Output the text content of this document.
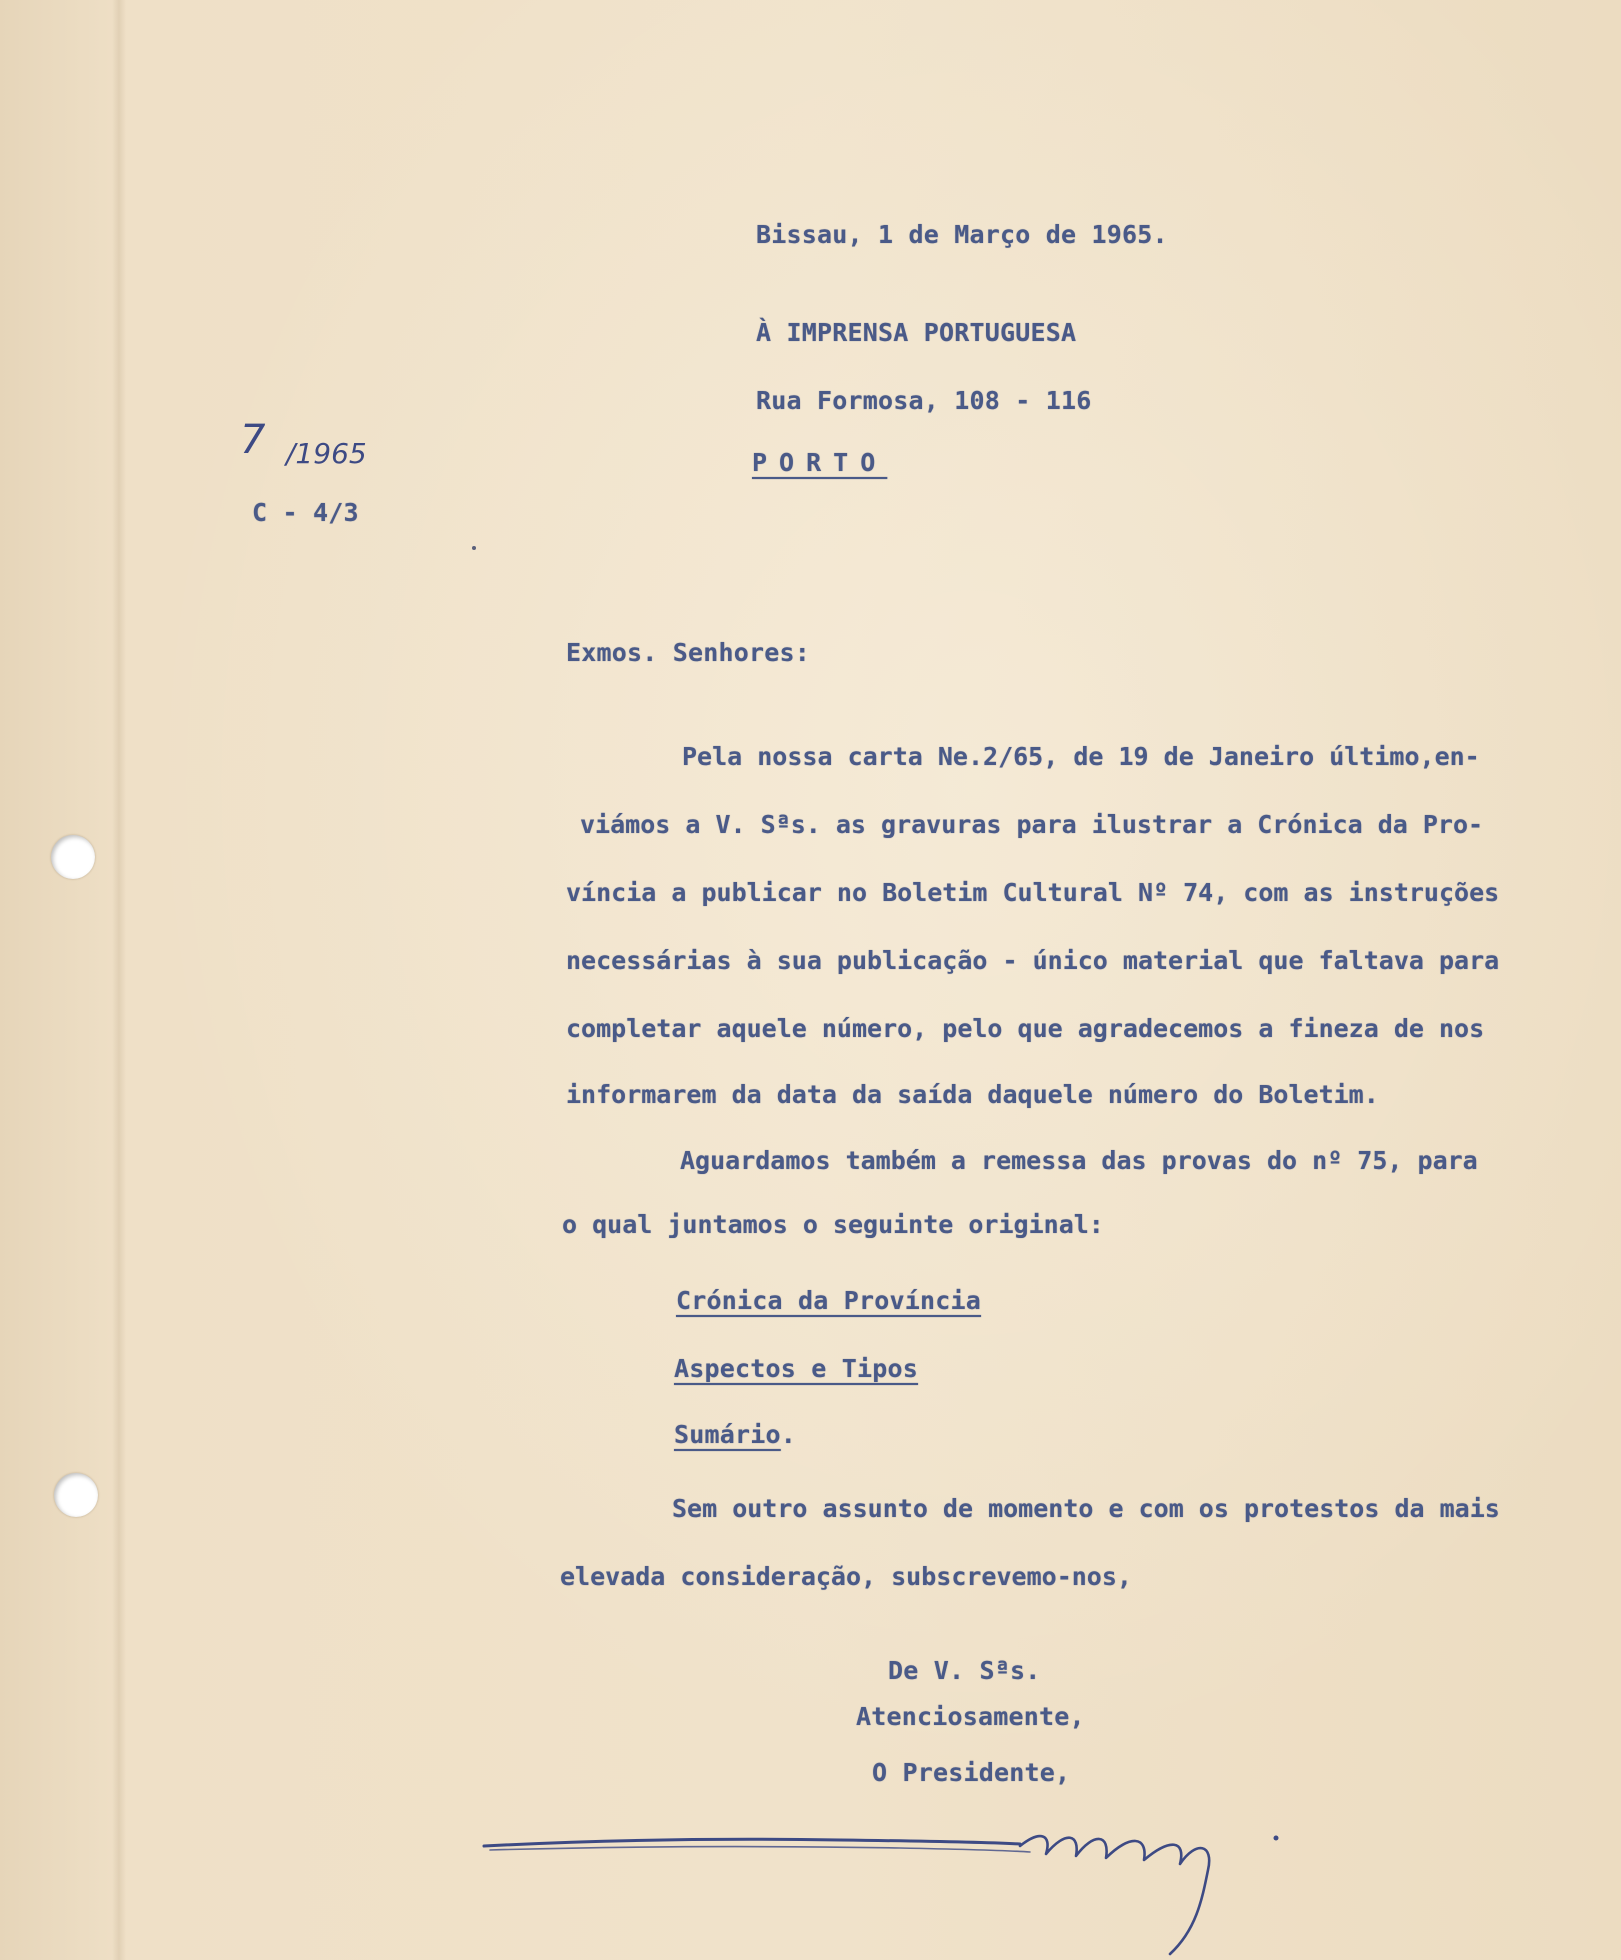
Bissau, 1 de Março de 1965.
À IMPRENSA PORTUGUESA
Rua Formosa, 108 - 116
PORTO
7 /1965
C - 4/3
Exmos. Senhores:
Pela nossa carta Ne.2/65, de 19 de Janeiro último,en-
viámos a V. Sªs. as gravuras para ilustrar a Crónica da Pro-
víncia a publicar no Boletim Cultural Nº 74, com as instruções
necessárias à sua publicação - único material que faltava para
completar aquele número, pelo que agradecemos a fineza de nos
informarem da data da saída daquele número do Boletim.
Aguardamos também a remessa das provas do nº 75, para
o qual juntamos o seguinte original:
Crónica da Província
Aspectos e Tipos
Sumário.
Sem outro assunto de momento e com os protestos da mais
elevada consideração, subscrevemo-nos,
De V. Sªs.
Atenciosamente,
O Presidente,
